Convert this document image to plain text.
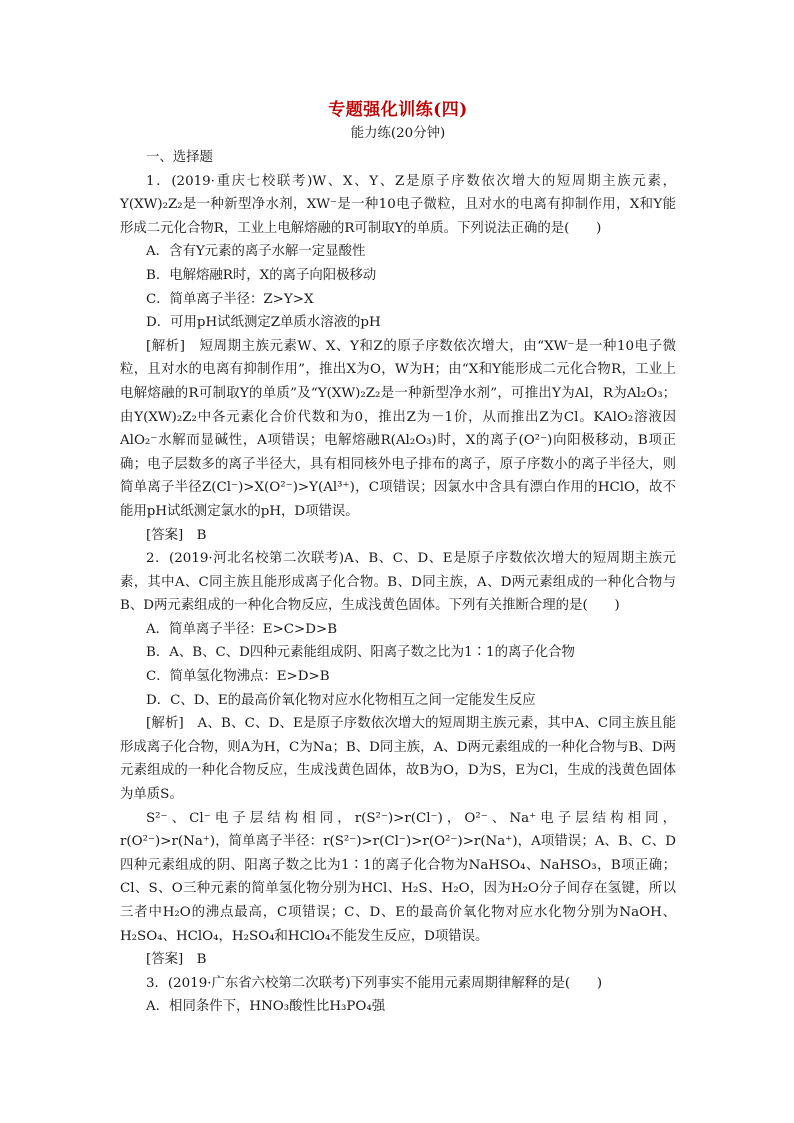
专题强化训练(四)
能力练(20分钟)
一、选择题

1．(2019·重庆七校联考)W、X、Y、Z是原子序数依次增大的短周期主族元素，Y(XW)₂Z₂是一种新型净水剂，XW⁻是一种10电子微粒，且对水的电离有抑制作用，X和Y能形成二元化合物R，工业上电解熔融的R可制取Y的单质。下列说法正确的是(　　)

A．含有Y元素的离子水解一定显酸性

B．电解熔融R时，X的离子向阳极移动

C．简单离子半径：Z>Y>X

D．可用pH试纸测定Z单质水溶液的pH

[解析]　 短周期主族元素W、X、Y和Z的原子序数依次增大，由“XW⁻是一种10电子微粒，且对水的电离有抑制作用”，推出X为O，W为H；由“X和Y能形成二元化合物R，工业上电解熔融的R可制取Y的单质”及“Y(XW)₂Z₂是一种新型净水剂”，可推出Y为Al，R为Al₂O₃；由Y(XW)₂Z₂中各元素化合价代数和为0，推出Z为－1价，从而推出Z为Cl。KAlO₂溶液因AlO₂⁻水解而显碱性，A项错误；电解熔融R(Al₂O₃)时，X的离子(O²⁻)向阳极移动，B项正确；电子层数多的离子半径大，具有相同核外电子排布的离子，原子序数小的离子半径大，则简单离子半径Z(Cl⁻)>X(O²⁻)>Y(Al³⁺)，C项错误；因氯水中含具有漂白作用的HClO，故不能用pH试纸测定氯水的pH，D项错误。

[答案]　 B

2．(2019·河北名校第二次联考)A、B、C、D、E是原子序数依次增大的短周期主族元素，其中A、C同主族且能形成离子化合物。B、D同主族，A、D两元素组成的一种化合物与B、D两元素组成的一种化合物反应，生成浅黄色固体。下列有关推断合理的是(　　)

A．简单离子半径：E>C>D>B

B．A、B、C、D四种元素能组成阴、阳离子数之比为1∶1的离子化合物

C．简单氢化物沸点：E>D>B

D．C、D、E的最高价氧化物对应水化物相互之间一定能发生反应

[解析]　 A、B、C、D、E是原子序数依次增大的短周期主族元素，其中A、C同主族且能形成离子化合物，则A为H，C为Na；B、D同主族，A、D两元素组成的一种化合物与B、D两元素组成的一种化合物反应，生成浅黄色固体，故B为O，D为S，E为Cl，生成的浅黄色固体为单质S。

S²⁻、Cl⁻电子层结构相同，r(S²⁻)>r(Cl⁻)，O²⁻、Na⁺电子层结构相同，r(O²⁻)>r(Na⁺)，简单离子半径：r(S²⁻)>r(Cl⁻)>r(O²⁻)>r(Na⁺)，A项错误；A、B、C、D四种元素组成的阴、阳离子数之比为1∶1的离子化合物为NaHSO₄、NaHSO₃，B项正确；Cl、S、O三种元素的简单氢化物分别为HCl、H₂S、H₂O，因为H₂O分子间存在氢键，所以三者中H₂O的沸点最高，C项错误；C、D、E的最高价氧化物对应水化物分别为NaOH、H₂SO₄、HClO₄，H₂SO₄和HClO₄不能发生反应，D项错误。

[答案]　 B

3．(2019·广东省六校第二次联考)下列事实不能用元素周期律解释的是(　　)

A．相同条件下，HNO₃酸性比H₃PO₄强
